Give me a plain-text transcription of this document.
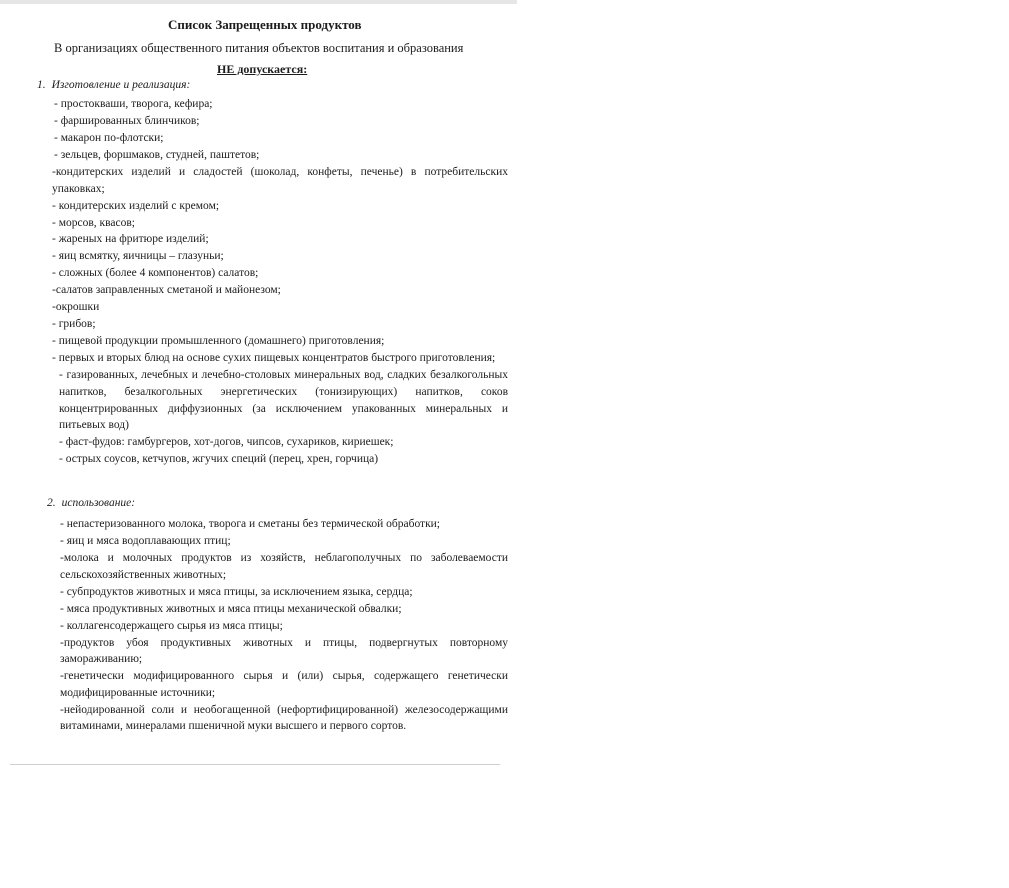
Список Запрещенных продуктов
В организациях общественного питания объектов воспитания и образования
НЕ допускается:
1. Изготовление и реализация:
- простокваши, творога, кефира;
- фаршированных блинчиков;
- макарон по-флотски;
- зельцев, форшмаков, студней, паштетов;
-кондитерских изделий и сладостей (шоколад, конфеты, печенье) в потребительских упаковках;
- кондитерских изделий с кремом;
- морсов, квасов;
- жареных на фритюре изделий;
- яиц всмятку, яичницы – глазуньи;
- сложных (более 4 компонентов) салатов;
-салатов заправленных сметаной и майонезом;
-окрошки
- грибов;
- пищевой продукции промышленного (домашнего) приготовления;
- первых и вторых блюд на основе сухих пищевых концентратов быстрого приготовления;
- газированных, лечебных и лечебно-столовых минеральных вод, сладких безалкогольных напитков, безалкогольных энергетических (тонизирующих) напитков, соков концентрированных диффузионных (за исключением упакованных минеральных и питьевых вод)
- фаст-фудов: гамбургеров, хот-догов, чипсов, сухариков, кириешек;
- острых соусов, кетчупов, жгучих специй (перец, хрен, горчица)
2. использование:
- непастеризованного молока, творога и сметаны без термической обработки;
- яиц и мяса водоплавающих птиц;
-молока и молочных продуктов из хозяйств, неблагополучных по заболеваемости сельскохозяйственных животных;
- субпродуктов животных и мяса птицы, за исключением языка, сердца;
- мяса продуктивных животных и мяса птицы механической обвалки;
- коллагенсодержащего сырья из мяса птицы;
-продуктов убоя продуктивных животных и птицы, подвергнутых повторному замораживанию;
-генетически модифицированного сырья и (или) сырья, содержащего генетически модифицированные источники;
-нейодированной соли и необогащенной (нефортифицированной) железосодержащими витаминами, минералами пшеничной муки высшего и первого сортов.
